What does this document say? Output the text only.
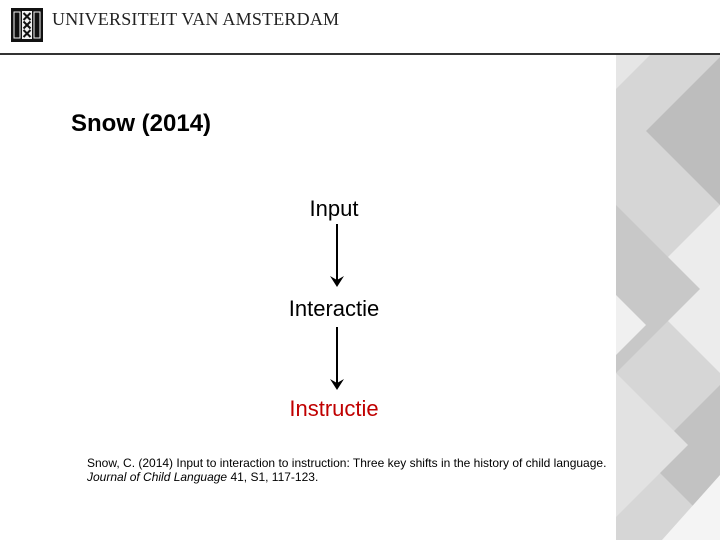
UNIVERSITEIT VAN AMSTERDAM
Snow (2014)
Input
Interactie
Instructie
Snow, C. (2014) Input to interaction to instruction: Three key shifts in the history of child language.
Journal of Child Language 41, S1, 117-123.
